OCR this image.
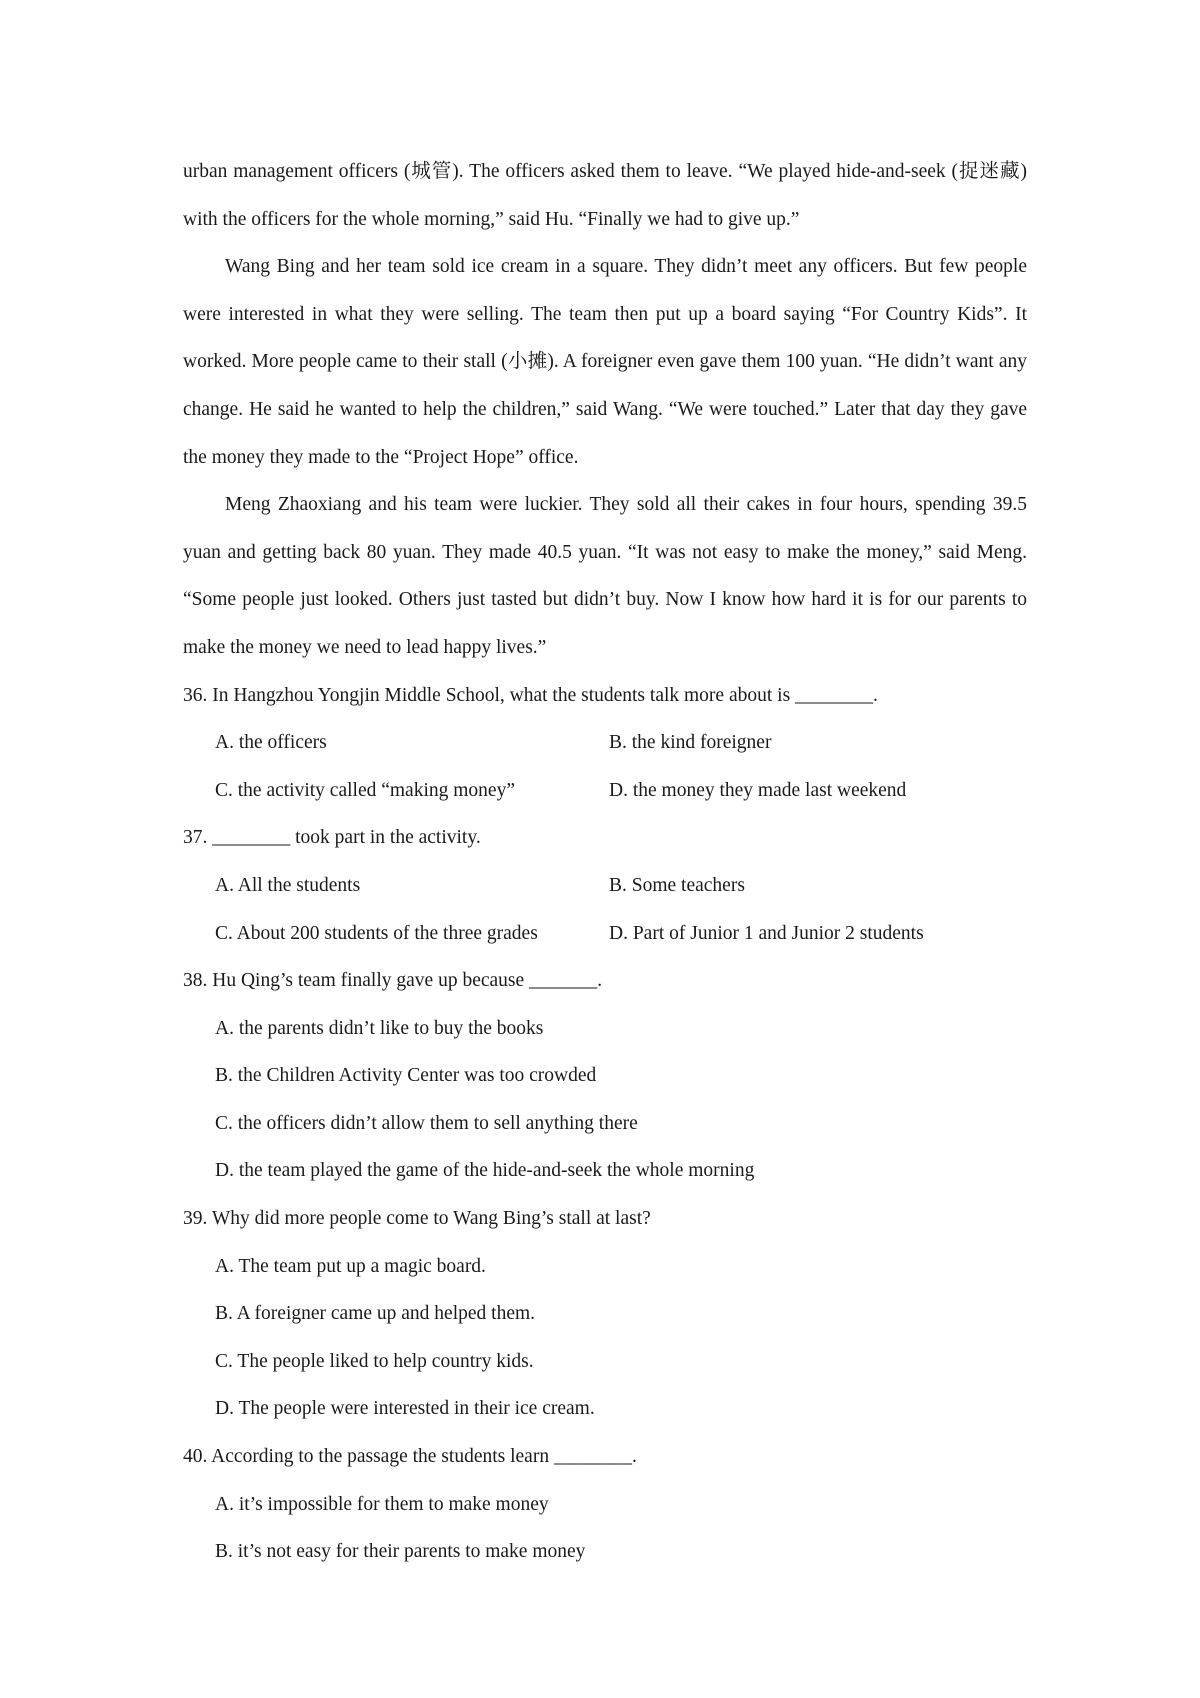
urban management officers (城管). The officers asked them to leave. “We played hide-and-seek (捉迷藏) with the officers for the whole morning,” said Hu. “Finally we had to give up.”

Wang Bing and her team sold ice cream in a square. They didn’t meet any officers. But few people were interested in what they were selling. The team then put up a board saying “For Country Kids”. It worked. More people came to their stall (小摊). A foreigner even gave them 100 yuan. “He didn’t want any change. He said he wanted to help the children,” said Wang. “We were touched.” Later that day they gave the money they made to the “Project Hope” office.

Meng Zhaoxiang and his team were luckier. They sold all their cakes in four hours, spending 39.5 yuan and getting back 80 yuan. They made 40.5 yuan. “It was not easy to make the money,” said Meng. “Some people just looked. Others just tasted but didn’t buy. Now I know how hard it is for our parents to make the money we need to lead happy lives.”

36. In Hangzhou Yongjin Middle School, what the students talk more about is ________.

A. the officers	B. the kind foreigner
C. the activity called “making money”	D. the money they made last weekend

37. ________ took part in the activity.

A. All the students	B. Some teachers
C. About 200 students of the three grades	D. Part of Junior 1 and Junior 2 students

38. Hu Qing’s team finally gave up because _______.

A. the parents didn’t like to buy the books

B. the Children Activity Center was too crowded

C. the officers didn’t allow them to sell anything there

D. the team played the game of the hide-and-seek the whole morning

39. Why did more people come to Wang Bing’s stall at last?

A. The team put up a magic board.

B. A foreigner came up and helped them.

C. The people liked to help country kids.

D. The people were interested in their ice cream.

40. According to the passage the students learn ________.

A. it’s impossible for them to make money

B. it’s not easy for their parents to make money
